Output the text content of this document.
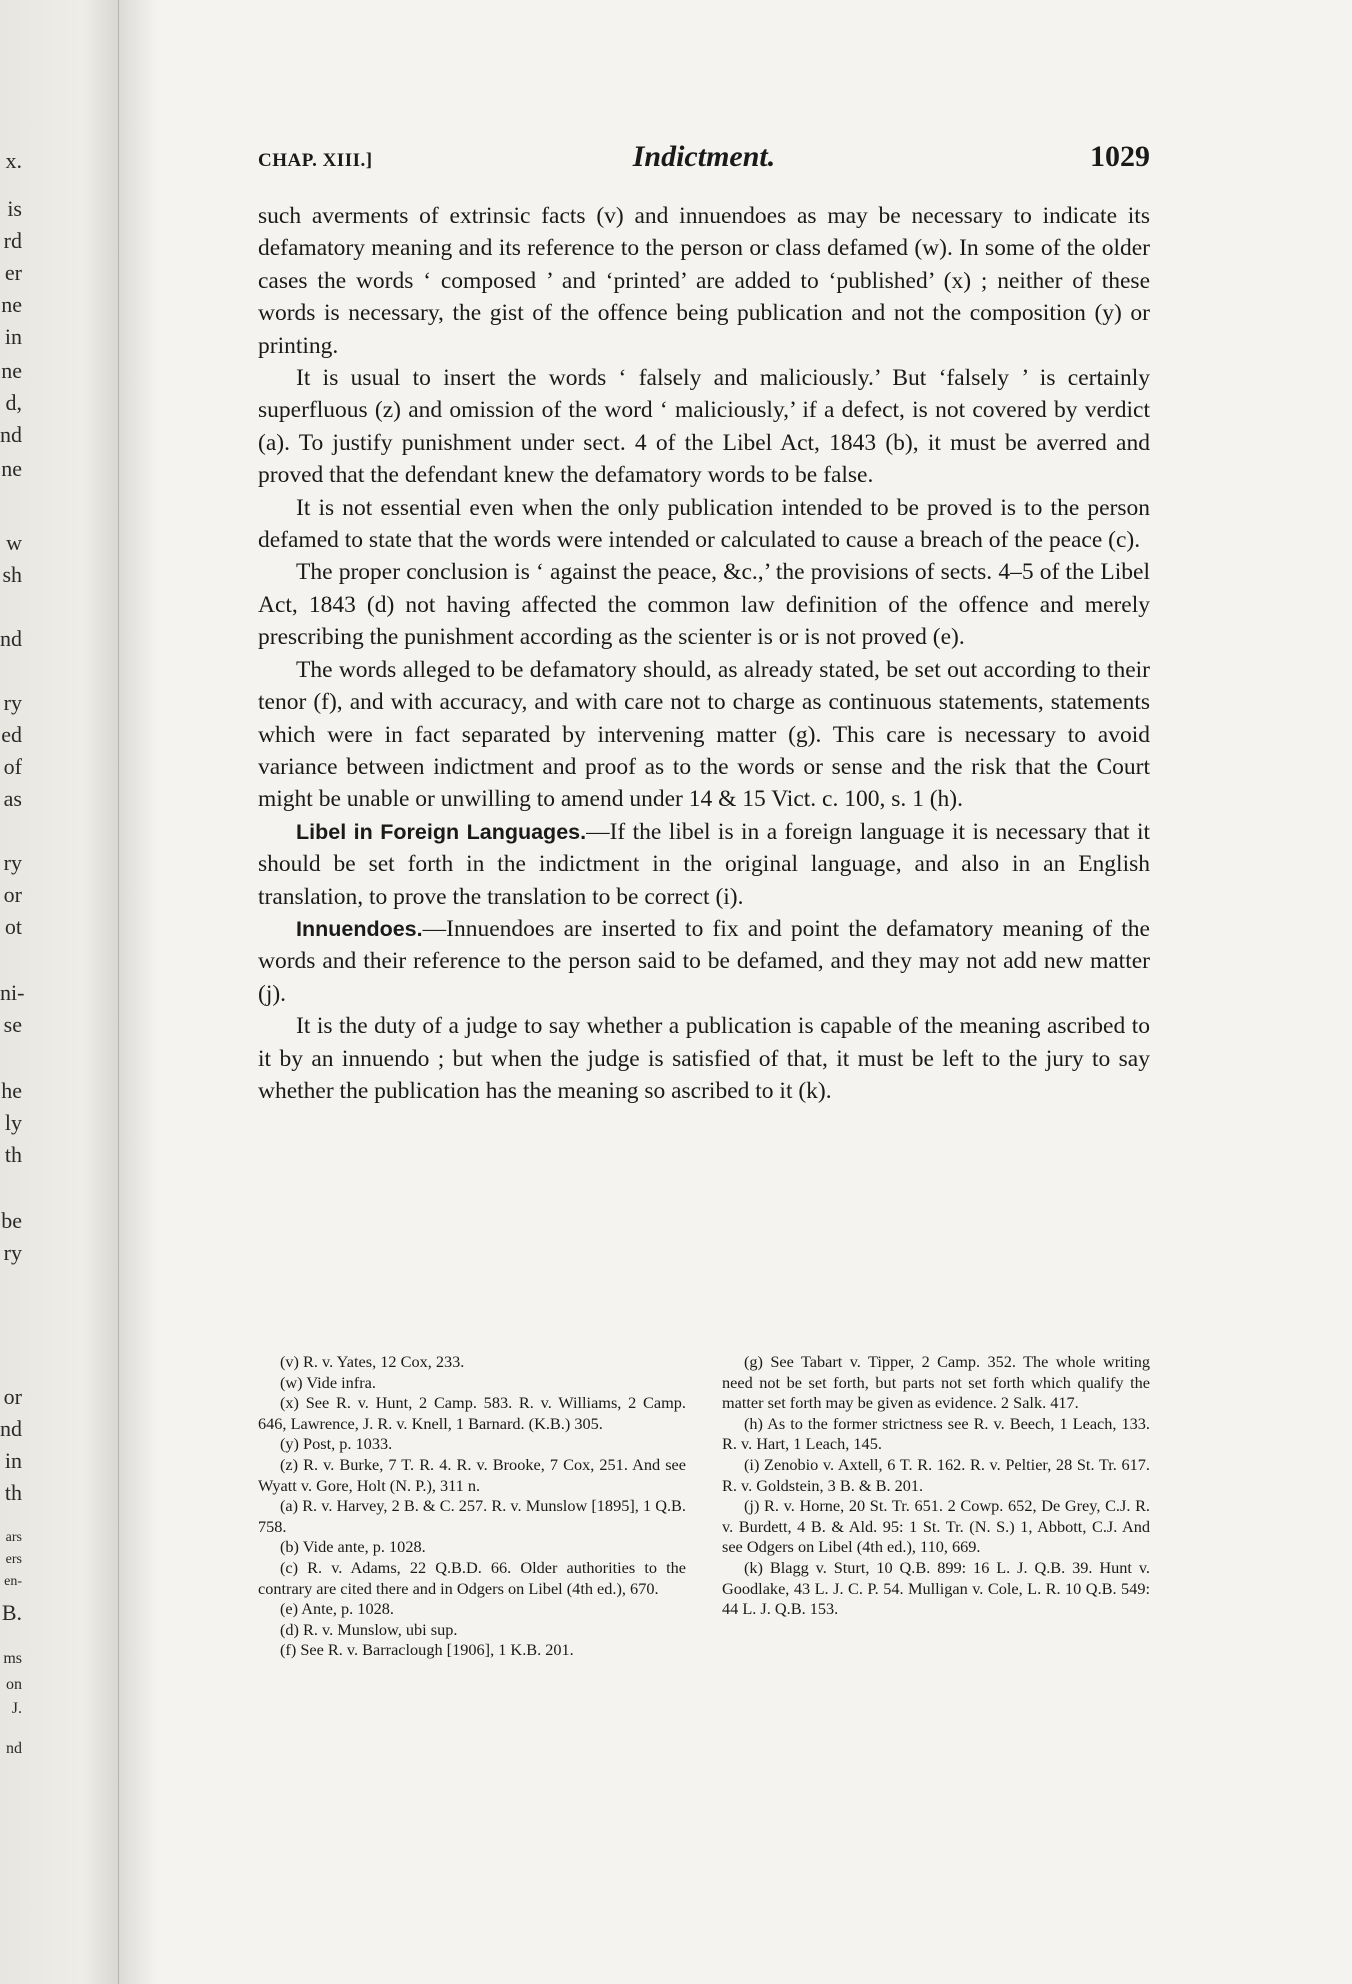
x.
is
rd
er
ne
in
ne
d,
nd
ne
w
sh
nd
ry
ed
of
as
ry
or
ot
ni-
se
he
ly
th
be
ry
or
nd
in
th
ars
ers
en-
B.
ms
on
J.
nd
CHAP. XIII.]	Indictment.	1029

such averments of extrinsic facts (v) and innuendoes as may be necessary to indicate its defamatory meaning and its reference to the person or class defamed (w). In some of the older cases the words ‘ composed ’ and ‘printed’ are added to ‘published’ (x) ; neither of these words is necessary, the gist of the offence being publication and not the composition (y) or printing.

It is usual to insert the words ‘ falsely and maliciously.’ But ‘falsely ’ is certainly superfluous (z) and omission of the word ‘ maliciously,’ if a defect, is not covered by verdict (a). To justify punishment under sect. 4 of the Libel Act, 1843 (b), it must be averred and proved that the defendant knew the defamatory words to be false.

It is not essential even when the only publication intended to be proved is to the person defamed to state that the words were intended or calculated to cause a breach of the peace (c).

The proper conclusion is ‘ against the peace, &c.,’ the provisions of sects. 4–5 of the Libel Act, 1843 (d) not having affected the common law definition of the offence and merely prescribing the punishment according as the scienter is or is not proved (e).

The words alleged to be defamatory should, as already stated, be set out according to their tenor (f), and with accuracy, and with care not to charge as continuous statements, statements which were in fact separated by intervening matter (g). This care is necessary to avoid variance between indictment and proof as to the words or sense and the risk that the Court might be unable or unwilling to amend under 14 & 15 Vict. c. 100, s. 1 (h).

Libel in Foreign Languages.—If the libel is in a foreign language it is necessary that it should be set forth in the indictment in the original language, and also in an English translation, to prove the translation to be correct (i).

Innuendoes.—Innuendoes are inserted to fix and point the defamatory meaning of the words and their reference to the person said to be defamed, and they may not add new matter (j).

It is the duty of a judge to say whether a publication is capable of the meaning ascribed to it by an innuendo ; but when the judge is satisfied of that, it must be left to the jury to say whether the publication has the meaning so ascribed to it (k).

(v) R. v. Yates, 12 Cox, 233.

(w) Vide infra.

(x) See R. v. Hunt, 2 Camp. 583. R. v. Williams, 2 Camp. 646, Lawrence, J. R. v. Knell, 1 Barnard. (K.B.) 305.

(y) Post, p. 1033.

(z) R. v. Burke, 7 T. R. 4. R. v. Brooke, 7 Cox, 251. And see Wyatt v. Gore, Holt (N. P.), 311 n.

(a) R. v. Harvey, 2 B. & C. 257. R. v. Munslow [1895], 1 Q.B. 758.

(b) Vide ante, p. 1028.

(c) R. v. Adams, 22 Q.B.D. 66. Older authorities to the contrary are cited there and in Odgers on Libel (4th ed.), 670.

(e) Ante, p. 1028.

(d) R. v. Munslow, ubi sup.

(f) See R. v. Barraclough [1906], 1 K.B. 201.

(g) See Tabart v. Tipper, 2 Camp. 352. The whole writing need not be set forth, but parts not set forth which qualify the matter set forth may be given as evidence. 2 Salk. 417.

(h) As to the former strictness see R. v. Beech, 1 Leach, 133. R. v. Hart, 1 Leach, 145.

(i) Zenobio v. Axtell, 6 T. R. 162. R. v. Peltier, 28 St. Tr. 617. R. v. Goldstein, 3 B. & B. 201.

(j) R. v. Horne, 20 St. Tr. 651. 2 Cowp. 652, De Grey, C.J. R. v. Burdett, 4 B. & Ald. 95: 1 St. Tr. (N. S.) 1, Abbott, C.J. And see Odgers on Libel (4th ed.), 110, 669.

(k) Blagg v. Sturt, 10 Q.B. 899: 16 L. J. Q.B. 39. Hunt v. Goodlake, 43 L. J. C. P. 54. Mulligan v. Cole, L. R. 10 Q.B. 549: 44 L. J. Q.B. 153.
